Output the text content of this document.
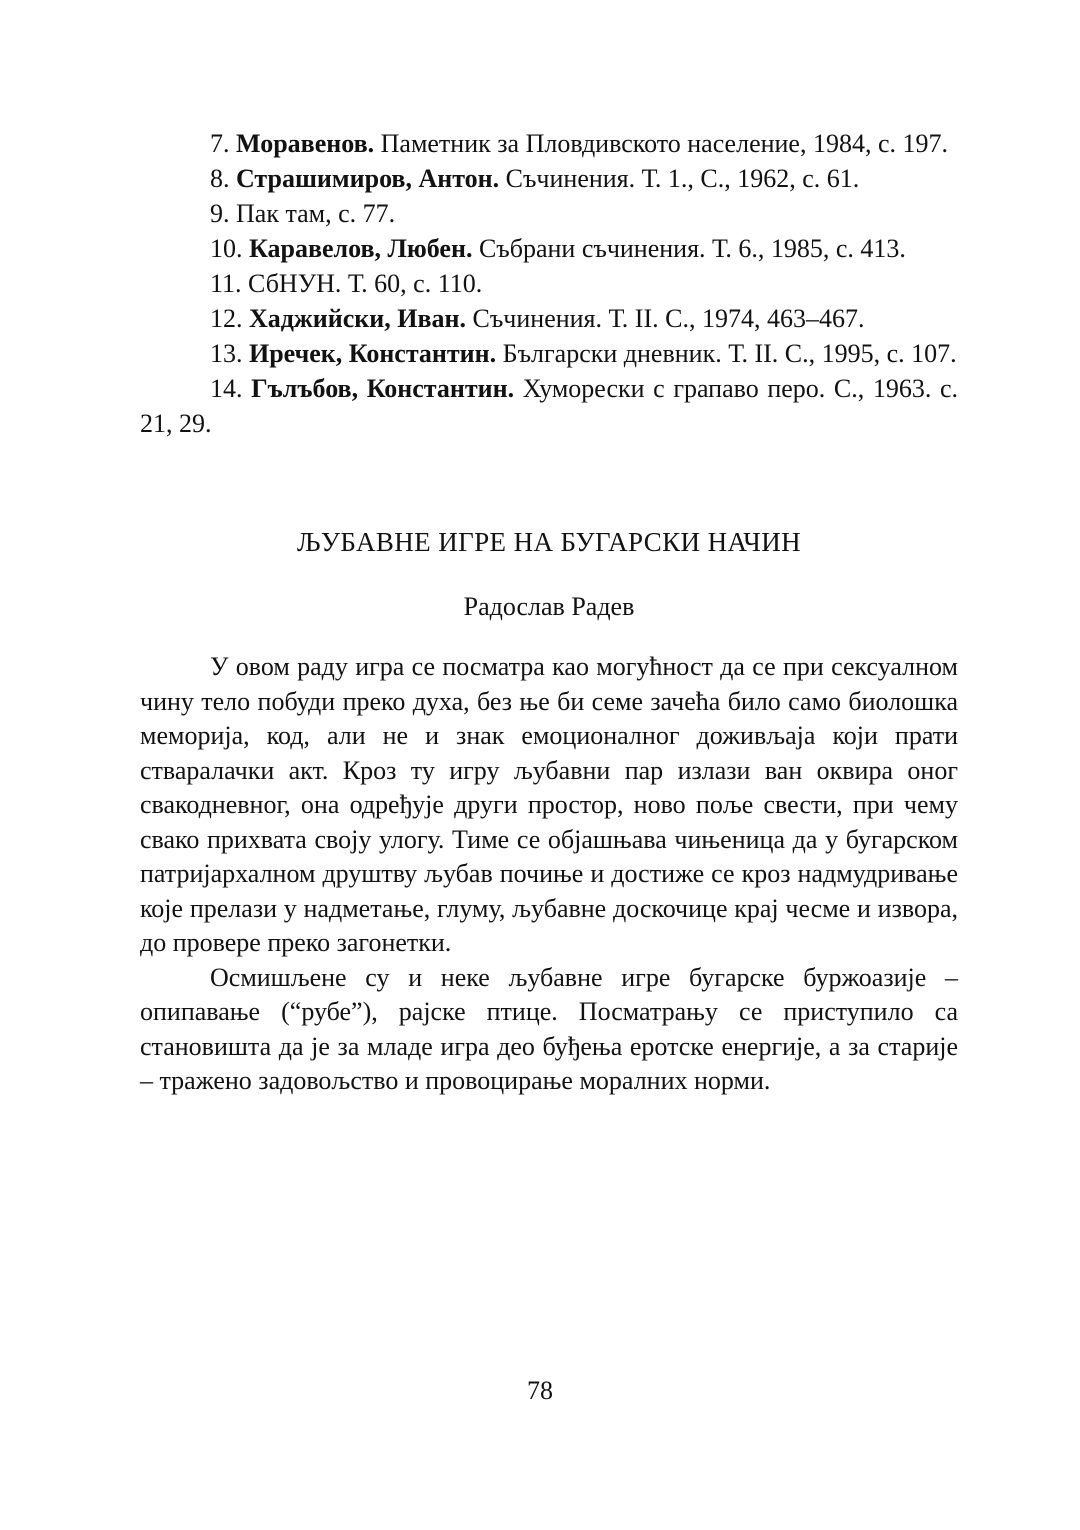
7. Моравенов. Паметник за Пловдивското население, 1984, с. 197.

8. Страшимиров, Антон. Съчинения. Т. 1., С., 1962, с. 61.

9. Пак там, с. 77.

10. Каравелов, Любен. Събрани съчинения. Т. 6., 1985, с. 413.

11. СбНУН. Т. 60, с. 110.

12. Хаджийски, Иван. Съчинения. Т. II. С., 1974, 463–467.

13. Иречек, Константин. Български дневник. Т. II. С., 1995, с. 107.

14. Гълъбов, Константин. Хуморески с грапаво перо. С., 1963. с. 21, 29.

ЉУБАВНЕ ИГРЕ НА БУГАРСКИ НАЧИН
Радослав Радев

У овом раду игра се посматра као могућност да се при сексуалном чину тело побуди преко духа, без ње би семе зачећа било само биолошка меморија, код, али не и знак емоционалног доживљаја који прати стваралачки акт. Кроз ту игру љубавни пар излази ван оквира оног свакодневног, она одређује други простор, ново поље свести, при чему свако прихвата своју улогу. Тиме се објашњава чињеница да у бугарском патријархалном друштву љубав почиње и достиже се кроз надмудривање које прелази у надметање, глуму, љубавне доскочице крај чесме и извора, до провере преко загонетки.

Осмишљене су и неке љубавне игре бугарске буржоазије – опипавање (“рубе”), рајске птице. Посматрању се приступило са становишта да је за младе игра део буђења еротске енергије, а за старије – тражено задовољство и провоцирање моралних норми.

78
